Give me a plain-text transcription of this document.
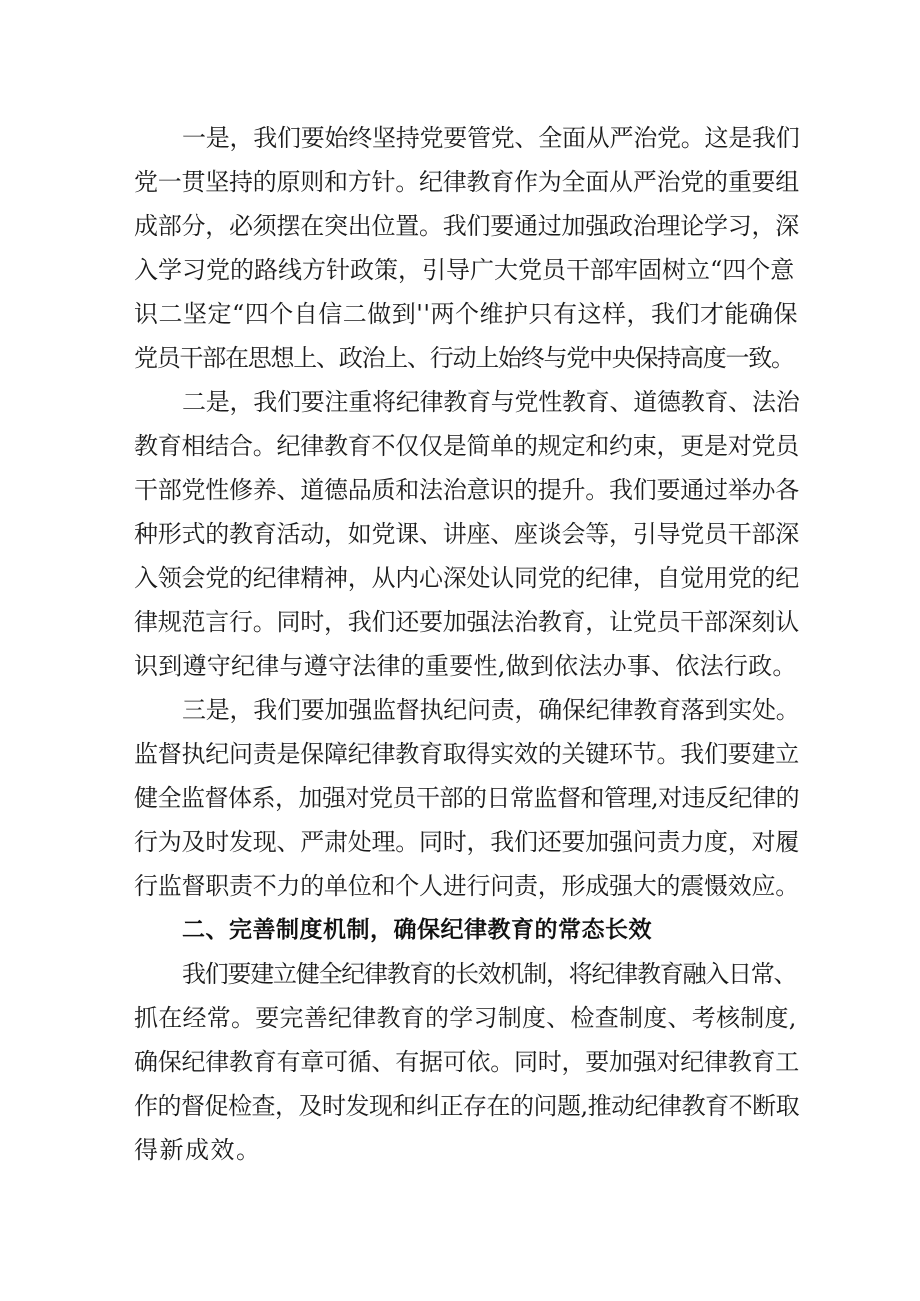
一是，我们要始终坚持党要管党、全面从严治党。这是我们
党一贯坚持的原则和方针。纪律教育作为全面从严治党的重要组
成部分，必须摆在突出位置。我们要通过加强政治理论学习，深
入学习党的路线方针政策，引导广大党员干部牢固树立“四个意
识二坚定“四个自信二做到''两个维护只有这样，我们才能确保
党员干部在思想上、政治上、行动上始终与党中央保持高度一致。
二是，我们要注重将纪律教育与党性教育、道德教育、法治
教育相结合。纪律教育不仅仅是简单的规定和约束，更是对党员
干部党性修养、道德品质和法治意识的提升。我们要通过举办各
种形式的教育活动，如党课、讲座、座谈会等，引导党员干部深
入领会党的纪律精神，从内心深处认同党的纪律，自觉用党的纪
律规范言行。同时，我们还要加强法治教育，让党员干部深刻认
识到遵守纪律与遵守法律的重要性,做到依法办事、依法行政。
三是，我们要加强监督执纪问责，确保纪律教育落到实处。
监督执纪问责是保障纪律教育取得实效的关键环节。我们要建立
健全监督体系，加强对党员干部的日常监督和管理,对违反纪律的
行为及时发现、严肃处理。同时，我们还要加强问责力度，对履
行监督职责不力的单位和个人进行问责，形成强大的震慑效应。
二、完善制度机制，确保纪律教育的常态长效
我们要建立健全纪律教育的长效机制，将纪律教育融入日常、
抓在经常。要完善纪律教育的学习制度、检查制度、考核制度,
确保纪律教育有章可循、有据可依。同时，要加强对纪律教育工
作的督促检查，及时发现和纠正存在的问题,推动纪律教育不断取
得新成效。
